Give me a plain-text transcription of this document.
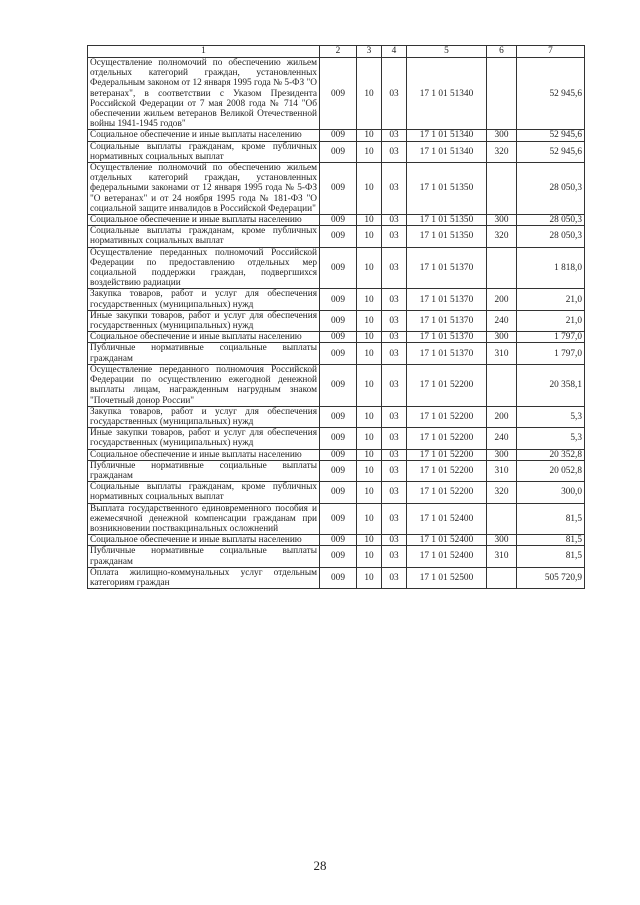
1	2	3	4	5	6	7
Осуществление полномочий по обеспечению жильем отдельных категорий граждан, установленных Федеральным законом от 12 января 1995 года № 5-ФЗ "О ветеранах", в соответствии с Указом Президента Российской Федерации от 7 мая 2008 года № 714 "Об обеспечении жильем ветеранов Великой Отечественной войны 1941-1945 годов"	009	10	03	17 1 01 51340		52 945,6
Социальное обеспечение и иные выплаты населению	009	10	03	17 1 01 51340	300	52 945,6
Социальные выплаты гражданам, кроме публичных нормативных социальных выплат	009	10	03	17 1 01 51340	320	52 945,6
Осуществление полномочий по обеспечению жильем отдельных категорий граждан, установленных федеральными законами от 12 января 1995 года № 5-ФЗ "О ветеранах" и от 24 ноября 1995 года № 181-ФЗ "О социальной защите инвалидов в Российской Федерации"	009	10	03	17 1 01 51350		28 050,3
Социальное обеспечение и иные выплаты населению	009	10	03	17 1 01 51350	300	28 050,3
Социальные выплаты гражданам, кроме публичных нормативных социальных выплат	009	10	03	17 1 01 51350	320	28 050,3
Осуществление переданных полномочий Российской Федерации по предоставлению отдельных мер социальной поддержки граждан, подвергшихся воздействию радиации	009	10	03	17 1 01 51370		1 818,0
Закупка товаров, работ и услуг для обеспечения государственных (муниципальных) нужд	009	10	03	17 1 01 51370	200	21,0
Иные закупки товаров, работ и услуг для обеспечения государственных (муниципальных) нужд	009	10	03	17 1 01 51370	240	21,0
Социальное обеспечение и иные выплаты населению	009	10	03	17 1 01 51370	300	1 797,0
Публичные нормативные социальные выплаты гражданам	009	10	03	17 1 01 51370	310	1 797,0
Осуществление переданного полномочия Российской Федерации по осуществлению ежегодной денежной выплаты лицам, награжденным нагрудным знаком "Почетный донор России"	009	10	03	17 1 01 52200		20 358,1
Закупка товаров, работ и услуг для обеспечения государственных (муниципальных) нужд	009	10	03	17 1 01 52200	200	5,3
Иные закупки товаров, работ и услуг для обеспечения государственных (муниципальных) нужд	009	10	03	17 1 01 52200	240	5,3
Социальное обеспечение и иные выплаты населению	009	10	03	17 1 01 52200	300	20 352,8
Публичные нормативные социальные выплаты гражданам	009	10	03	17 1 01 52200	310	20 052,8
Социальные выплаты гражданам, кроме публичных нормативных социальных выплат	009	10	03	17 1 01 52200	320	300,0
Выплата государственного единовременного пособия и ежемесячной денежной компенсации гражданам при возникновении поствакцинальных осложнений	009	10	03	17 1 01 52400		81,5
Социальное обеспечение и иные выплаты населению	009	10	03	17 1 01 52400	300	81,5
Публичные нормативные социальные выплаты гражданам	009	10	03	17 1 01 52400	310	81,5
Оплата жилищно-коммунальных услуг отдельным категориям граждан	009	10	03	17 1 01 52500		505 720,9
28
